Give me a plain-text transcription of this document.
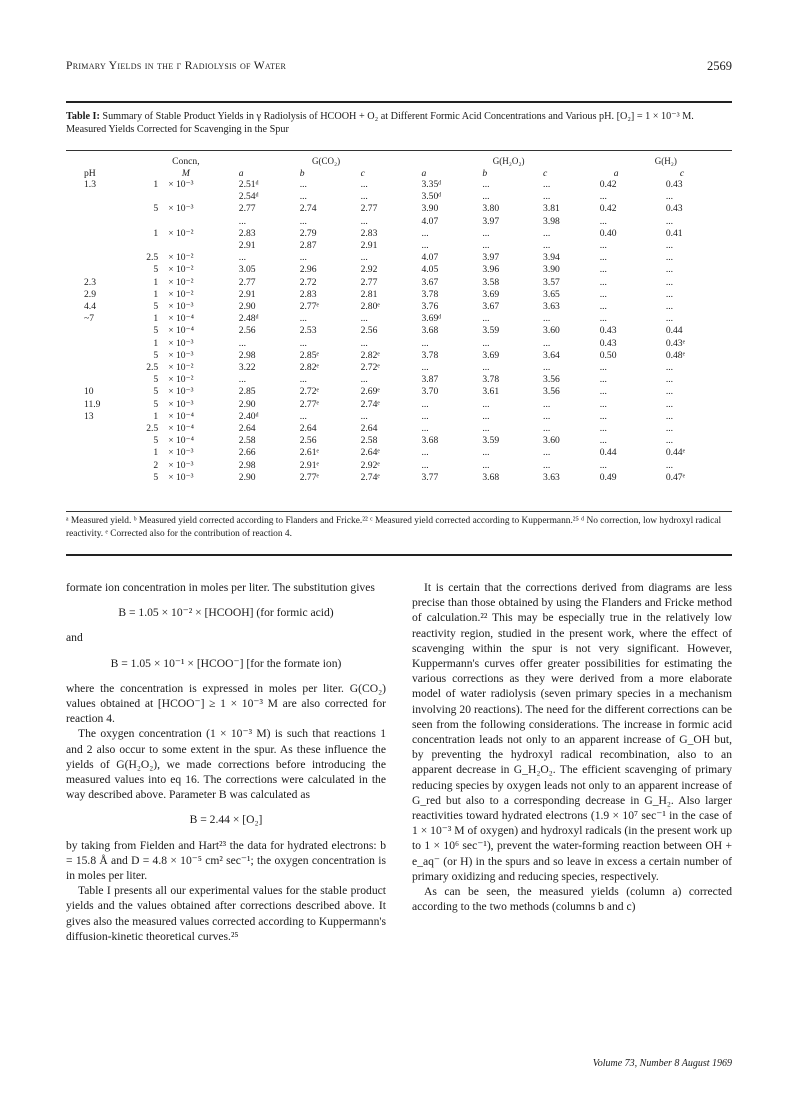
Primary Yields in the γ Radiolysis of Water	2569
Table I: Summary of Stable Product Yields in γ Radiolysis of HCOOH + O₂ at Different Formic Acid Concentrations and Various pH. [O₂] = 1 × 10⁻³ M. Measured Yields Corrected for Scavenging in the Spur
	Concn,		G(CO₂)			G(H₂O₂)			G(H₂)	
pH	M		a	b	c	a	b	c	a	c
1.3	1	× 10⁻³	2.51ᵈ	...	...	3.35ᵈ	...	...	0.42	0.43
			2.54ᵈ	...	...	3.50ᵈ	...	...	...	...
	5	× 10⁻³	2.77	2.74	2.77	3.90	3.80	3.81	0.42	0.43
			...	...	...	4.07	3.97	3.98	...	...
	1	× 10⁻²	2.83	2.79	2.83	...	...	...	0.40	0.41
			2.91	2.87	2.91	...	...	...	...	...
	2.5	× 10⁻²	...	...	...	4.07	3.97	3.94	...	...
	5	× 10⁻²	3.05	2.96	2.92	4.05	3.96	3.90	...	...
2.3	1	× 10⁻²	2.77	2.72	2.77	3.67	3.58	3.57	...	...
2.9	1	× 10⁻²	2.91	2.83	2.81	3.78	3.69	3.65	...	...
4.4	5	× 10⁻³	2.90	2.77ᵉ	2.80ᵉ	3.76	3.67	3.63	...	...
~7	1	× 10⁻⁴	2.48ᵈ	...	...	3.69ᵈ	...	...	...	...
	5	× 10⁻⁴	2.56	2.53	2.56	3.68	3.59	3.60	0.43	0.44
	1	× 10⁻³	...	...	...	...	...	...	0.43	0.43ᵉ
	5	× 10⁻³	2.98	2.85ᵉ	2.82ᵉ	3.78	3.69	3.64	0.50	0.48ᵉ
	2.5	× 10⁻²	3.22	2.82ᵉ	2.72ᵉ	...	...	...	...	...
	5	× 10⁻²	...	...	...	3.87	3.78	3.56	...	...
10	5	× 10⁻³	2.85	2.72ᵉ	2.69ᵉ	3.70	3.61	3.56	...	...
11.9	5	× 10⁻³	2.90	2.77ᵉ	2.74ᵉ	...	...	...	...	...
13	1	× 10⁻⁴	2.40ᵈ	...	...	...	...	...	...	...
	2.5	× 10⁻⁴	2.64	2.64	2.64	...	...	...	...	...
	5	× 10⁻⁴	2.58	2.56	2.58	3.68	3.59	3.60	...	...
	1	× 10⁻³	2.66	2.61ᵉ	2.64ᵉ	...	...	...	0.44	0.44ᵉ
	2	× 10⁻³	2.98	2.91ᵉ	2.92ᵉ	...	...	...	...	...
	5	× 10⁻³	2.90	2.77ᵉ	2.74ᵉ	3.77	3.68	3.63	0.49	0.47ᵉ
ᵃ Measured yield. ᵇ Measured yield corrected according to Flanders and Fricke.²² ᶜ Measured yield corrected according to Kuppermann.²⁵ ᵈ No correction, low hydroxyl radical reactivity. ᵉ Corrected also for the contribution of reaction 4.

formate ion concentration in moles per liter. The substitution gives

B = 1.05 × 10⁻² × [HCOOH] (for formic acid)

and

B = 1.05 × 10⁻¹ × [HCOO⁻] [for the formate ion)

where the concentration is expressed in moles per liter. G(CO₂) values obtained at [HCOO⁻] ≥ 1 × 10⁻³ M are also corrected for reaction 4.

The oxygen concentration (1 × 10⁻³ M) is such that reactions 1 and 2 also occur to some extent in the spur. As these influence the yields of G(H₂O₂), we made corrections before introducing the measured values into eq 16. The corrections were calculated in the way described above. Parameter B was calculated as

B = 2.44 × [O₂]

by taking from Fielden and Hart²³ the data for hydrated electrons: b = 15.8 Å and D = 4.8 × 10⁻⁵ cm² sec⁻¹; the oxygen concentration is in moles per liter.

Table I presents all our experimental values for the stable product yields and the values obtained after corrections described above. It gives also the measured values corrected according to Kuppermann's diffusion-kinetic theoretical curves.²⁵

It is certain that the corrections derived from diagrams are less precise than those obtained by using the Flanders and Fricke method of calculation.²² This may be especially true in the relatively low reactivity region, studied in the present work, where the effect of scavenging within the spur is not very significant. However, Kuppermann's curves offer greater possibilities for estimating the various corrections as they were derived from a more elaborate model of water radiolysis (seven primary species in a mechanism involving 20 reactions). The need for the different corrections can be seen from the following considerations. The increase in formic acid concentration leads not only to an apparent increase of G_OH but, by preventing the hydroxyl radical recombination, also to an apparent decrease in G_H₂O₂. The efficient scavenging of primary reducing species by oxygen leads not only to an apparent increase of G_red but also to a corresponding decrease in G_H₂. Also larger reactivities toward hydrated electrons (1.9 × 10⁷ sec⁻¹ in the case of 1 × 10⁻³ M of oxygen) and hydroxyl radicals (in the present work up to 1 × 10⁶ sec⁻¹), prevent the water-forming reaction between OH + e_aq⁻ (or H) in the spurs and so leave in excess a certain number of primary oxidizing and reducing species, respectively.

As can be seen, the measured yields (column a) corrected according to the two methods (columns b and c)

Volume 73, Number 8 August 1969
